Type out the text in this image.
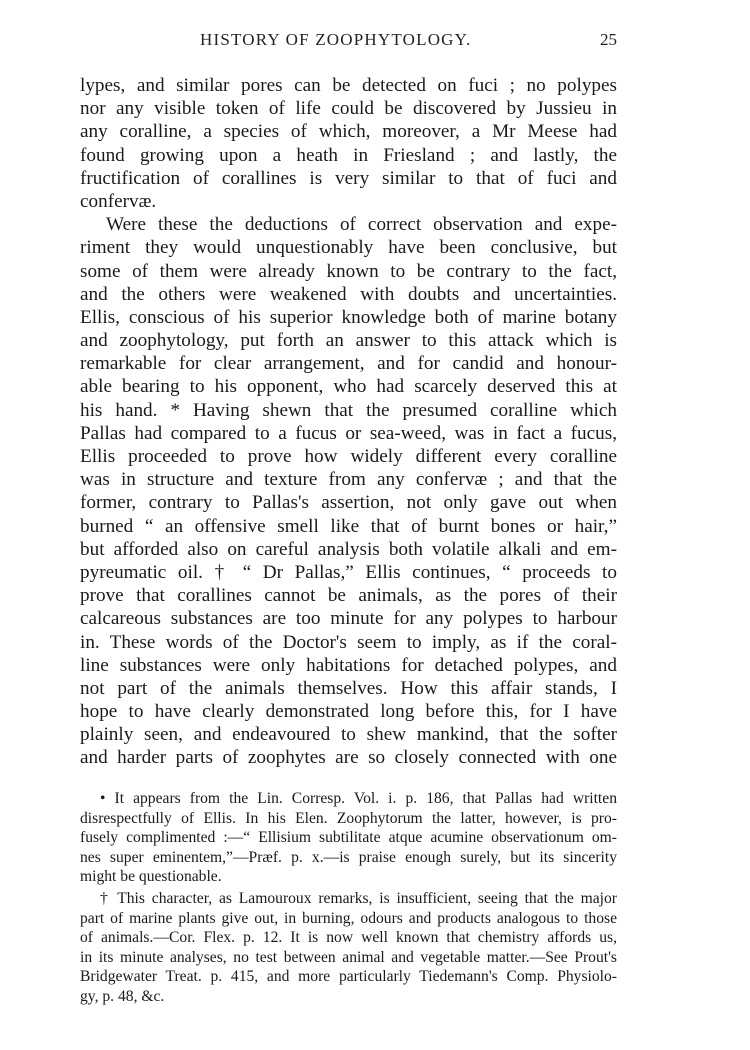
HISTORY OF ZOOPHYTOLOGY.	25
lypes, and similar pores can be detected on fuci ; no polypes
nor any visible token of life could be discovered by Jussieu in
any coralline, a species of which, moreover, a Mr Meese had
found growing upon a heath in Friesland ; and lastly, the
fructification of corallines is very similar to that of fuci and
confervæ.
Were these the deductions of correct observation and expe-
riment they would unquestionably have been conclusive, but
some of them were already known to be contrary to the fact,
and the others were weakened with doubts and uncertainties.
Ellis, conscious of his superior knowledge both of marine botany
and zoophytology, put forth an answer to this attack which is
remarkable for clear arrangement, and for candid and honour-
able bearing to his opponent, who had scarcely deserved this at
his hand. * Having shewn that the presumed coralline which
Pallas had compared to a fucus or sea-weed, was in fact a fucus,
Ellis proceeded to prove how widely different every coralline
was in structure and texture from any confervæ ; and that the
former, contrary to Pallas's assertion, not only gave out when
burned “ an offensive smell like that of burnt bones or hair,”
but afforded also on careful analysis both volatile alkali and em-
pyreumatic oil. † “ Dr Pallas,” Ellis continues, “ proceeds to
prove that corallines cannot be animals, as the pores of their
calcareous substances are too minute for any polypes to harbour
in. These words of the Doctor's seem to imply, as if the coral-
line substances were only habitations for detached polypes, and
not part of the animals themselves. How this affair stands, I
hope to have clearly demonstrated long before this, for I have
plainly seen, and endeavoured to shew mankind, that the softer
and harder parts of zoophytes are so closely connected with one
• It appears from the Lin. Corresp. Vol. i. p. 186, that Pallas had written
disrespectfully of Ellis. In his Elen. Zoophytorum the latter, however, is pro-
fusely complimented :—“ Ellisium subtilitate atque acumine observationum om-
nes super eminentem,”—Præf. p. x.—is praise enough surely, but its sincerity
might be questionable.
† This character, as Lamouroux remarks, is insufficient, seeing that the major
part of marine plants give out, in burning, odours and products analogous to those
of animals.—Cor. Flex. p. 12. It is now well known that chemistry affords us,
in its minute analyses, no test between animal and vegetable matter.—See Prout's
Bridgewater Treat. p. 415, and more particularly Tiedemann's Comp. Physiolo-
gy, p. 48, &c.
